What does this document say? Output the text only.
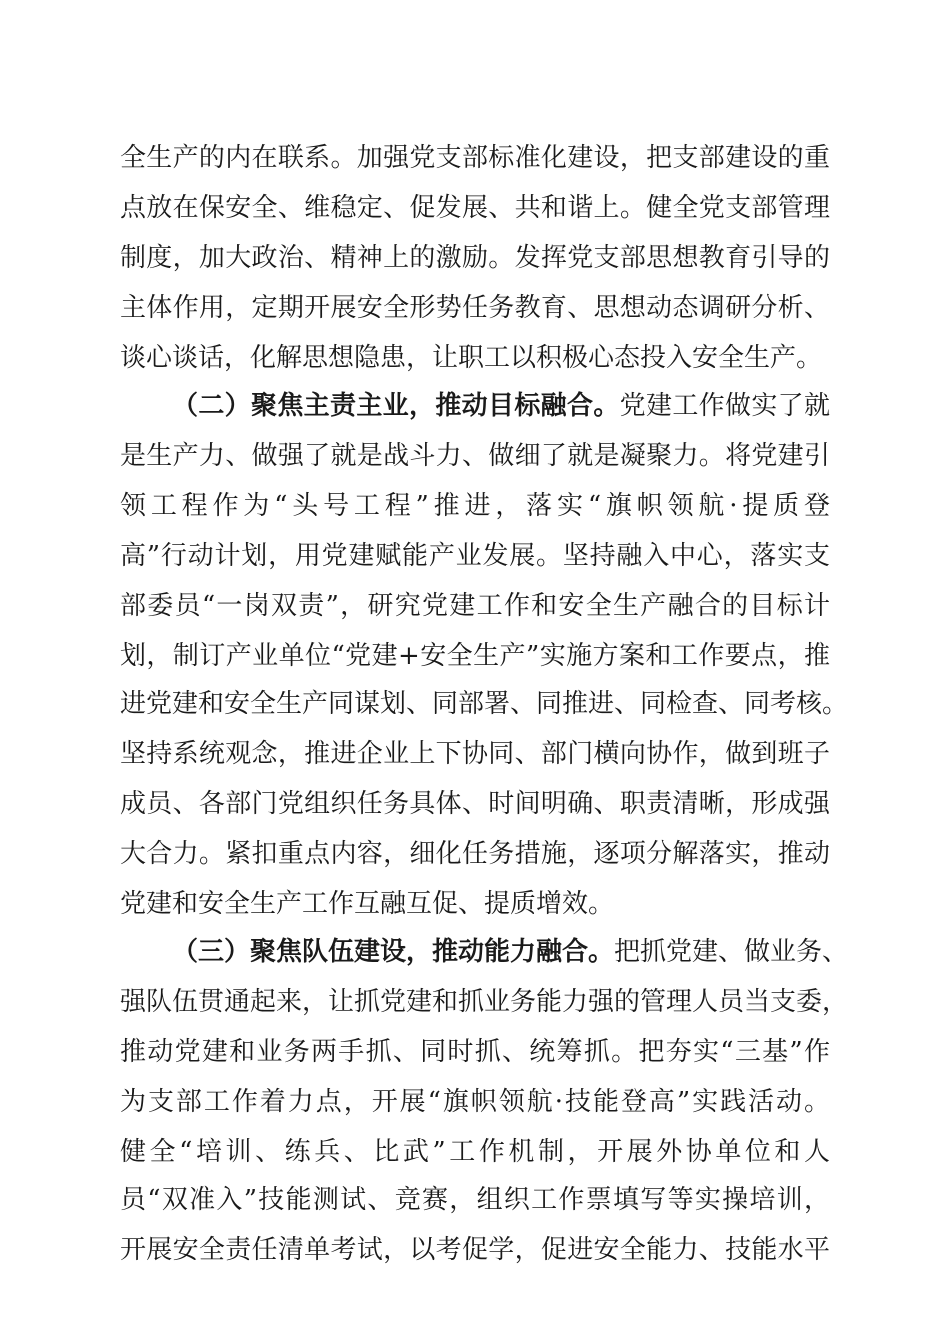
全生产的内在联系。加强党支部标准化建设，把支部建设的重
点放在保安全、维稳定、促发展、共和谐上。健全党支部管理
制度，加大政治、精神上的激励。发挥党支部思想教育引导的
主体作用，定期开展安全形势任务教育、思想动态调研分析、
谈心谈话，化解思想隐患，让职工以积极心态投入安全生产。
（二）聚焦主责主业，推动目标融合。党建工作做实了就
是生产力、做强了就是战斗力、做细了就是凝聚力。将党建引
领工程作为“头号工程”推进，落实“旗帜领航·提质登
高”行动计划，用党建赋能产业发展。坚持融入中心，落实支
部委员“一岗双责”，研究党建工作和安全生产融合的目标计
划，制订产业单位“党建+安全生产”实施方案和工作要点，推
进党建和安全生产同谋划、同部署、同推进、同检查、同考核。
坚持系统观念，推进企业上下协同、部门横向协作，做到班子
成员、各部门党组织任务具体、时间明确、职责清晰，形成强
大合力。紧扣重点内容，细化任务措施，逐项分解落实，推动
党建和安全生产工作互融互促、提质增效。
（三）聚焦队伍建设，推动能力融合。把抓党建、做业务、
强队伍贯通起来，让抓党建和抓业务能力强的管理人员当支委，
推动党建和业务两手抓、同时抓、统筹抓。把夯实“三基”作
为支部工作着力点，开展“旗帜领航·技能登高”实践活动。
健全“培训、练兵、比武”工作机制，开展外协单位和人
员“双准入”技能测试、竞赛，组织工作票填写等实操培训，
开展安全责任清单考试，以考促学，促进安全能力、技能水平
